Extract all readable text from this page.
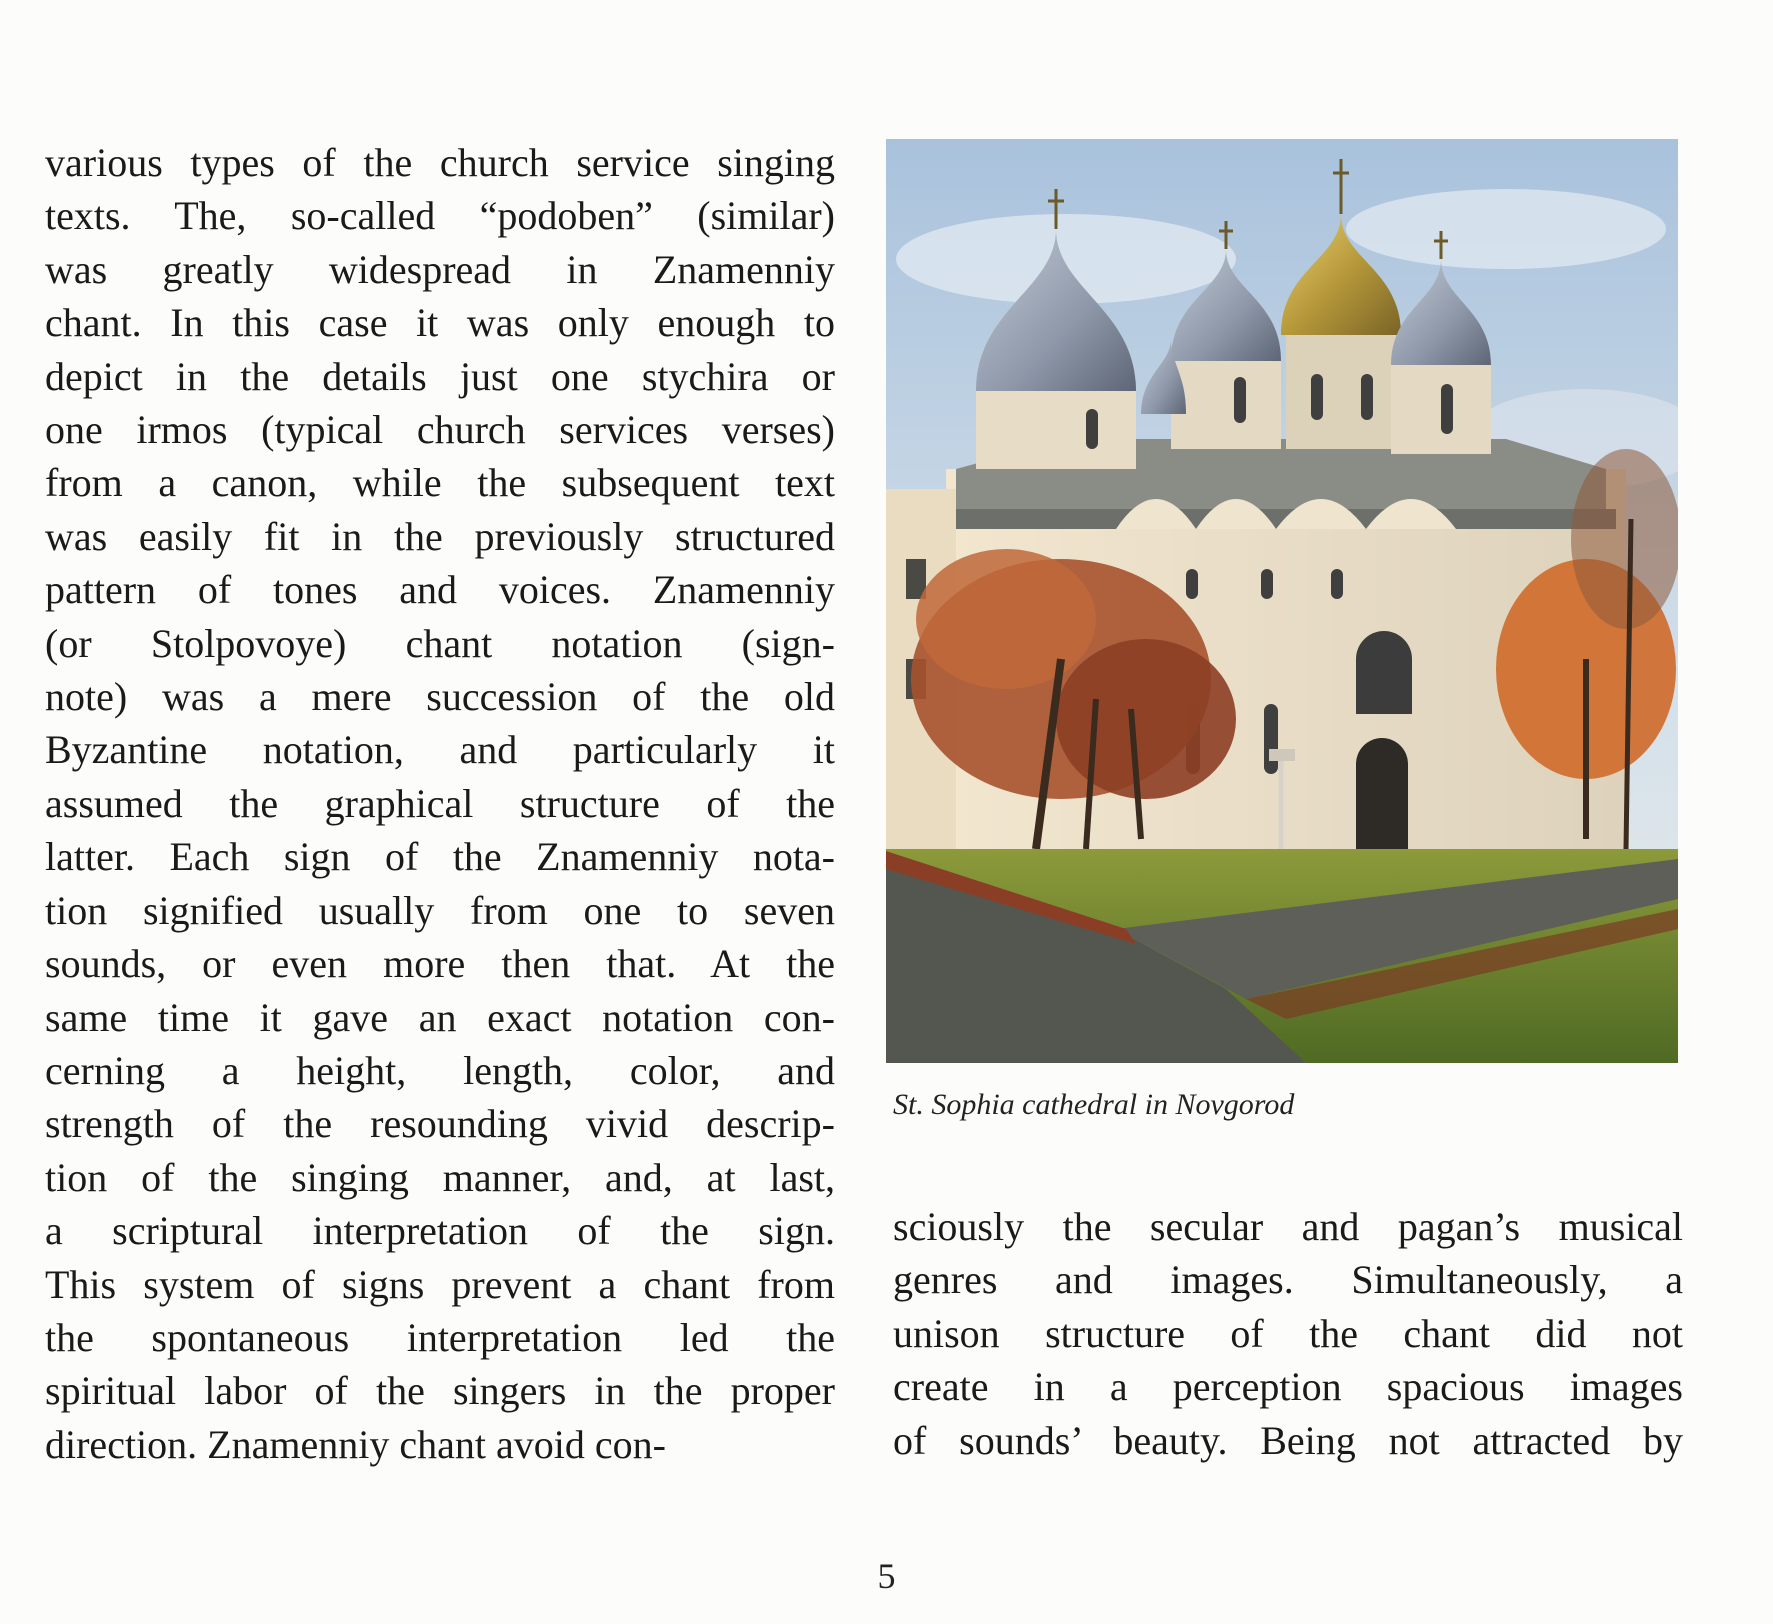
various types of the church service singing
texts. The, so-called “podoben” (similar)
was greatly widespread in Znamenniy
chant. In this case it was only enough to
depict in the details just one stychira or
one irmos (typical church services verses)
from a canon, while the subsequent text
was easily fit in the previously structured
pattern of tones and voices. Znamenniy
(or Stolpovoye) chant notation (sign-
note) was a mere succession of the old
Byzantine notation, and particularly it
assumed the graphical structure of the
latter. Each sign of the Znamenniy nota-
tion signified usually from one to seven
sounds, or even more then that. At the
same time it gave an exact notation con-
cerning a height, length, color, and
strength of the resounding vivid descrip-
tion of the singing manner, and, at last,
a scriptural interpretation of the sign.
This system of signs prevent a chant from
the spontaneous interpretation led the
spiritual labor of the singers in the proper
direction. Znamenniy chant avoid con-
St. Sophia cathedral in Novgorod
sciously the secular and pagan’s musical
genres and images. Simultaneously, a
unison structure of the chant did not
create in a perception spacious images
of sounds’ beauty. Being not attracted by
5
